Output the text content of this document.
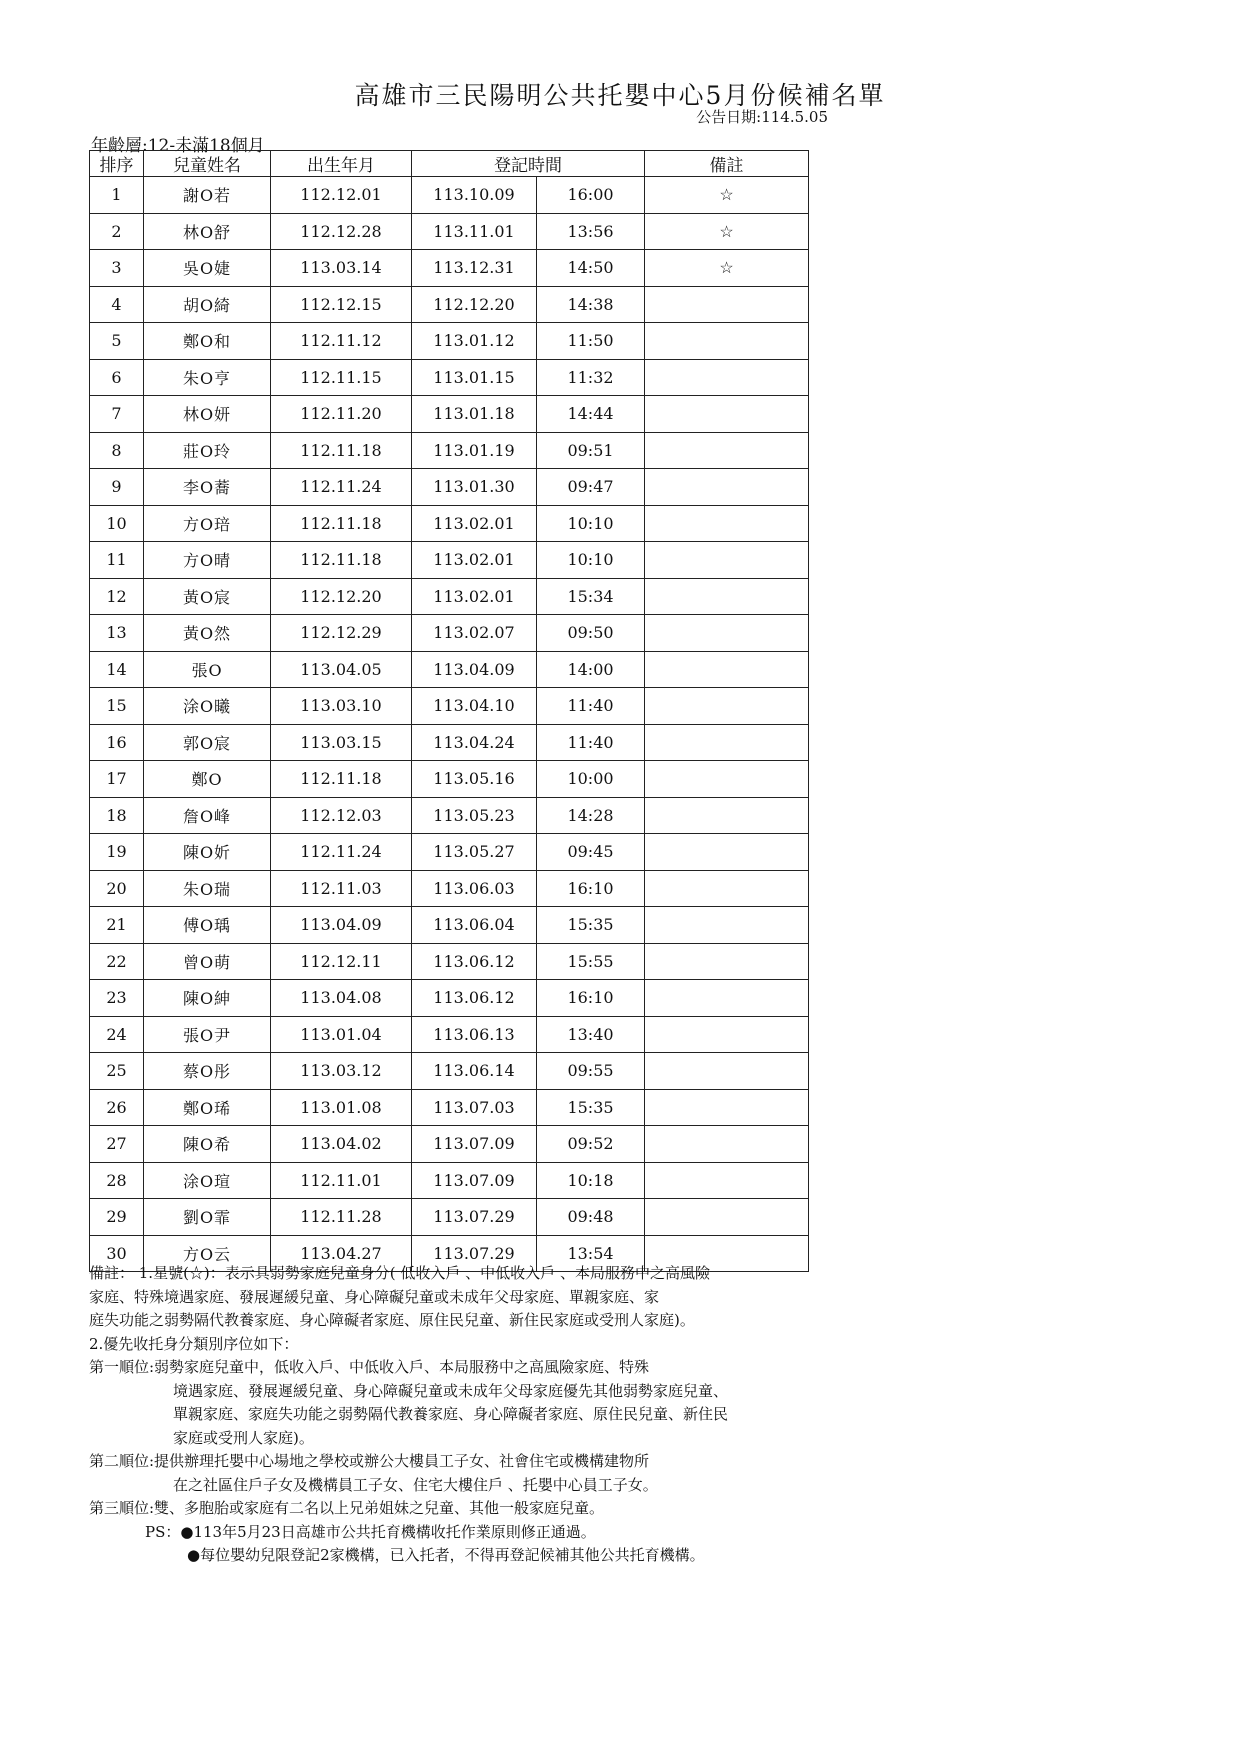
高雄市三民陽明公共托嬰中心5月份候補名單
公告日期:114.5.05
年齡層:12-未滿18個月
排序	兒童姓名	出生年月	登記時間		備註
1	謝O若	112.12.01	113.10.09	16:00	☆
2	林O舒	112.12.28	113.11.01	13:56	☆
3	吳O婕	113.03.14	113.12.31	14:50	☆
4	胡O綺	112.12.15	112.12.20	14:38	
5	鄭O和	112.11.12	113.01.12	11:50	
6	朱O亨	112.11.15	113.01.15	11:32	
7	林O妍	112.11.20	113.01.18	14:44	
8	莊O玲	112.11.18	113.01.19	09:51	
9	李O蕎	112.11.24	113.01.30	09:47	
10	方O琣	112.11.18	113.02.01	10:10	
11	方O晴	112.11.18	113.02.01	10:10	
12	黃O宸	112.12.20	113.02.01	15:34	
13	黃O然	112.12.29	113.02.07	09:50	
14	張O	113.04.05	113.04.09	14:00	
15	涂O曦	113.03.10	113.04.10	11:40	
16	郭O宸	113.03.15	113.04.24	11:40	
17	鄭O	112.11.18	113.05.16	10:00	
18	詹O峰	112.12.03	113.05.23	14:28	
19	陳O妡	112.11.24	113.05.27	09:45	
20	朱O瑞	112.11.03	113.06.03	16:10	
21	傅O瑀	113.04.09	113.06.04	15:35	
22	曾O萌	112.12.11	113.06.12	15:55	
23	陳O紳	113.04.08	113.06.12	16:10	
24	張O尹	113.01.04	113.06.13	13:40	
25	蔡O彤	113.03.12	113.06.14	09:55	
26	鄭O琋	113.01.08	113.07.03	15:35	
27	陳O希	113.04.02	113.07.09	09:52	
28	涂O瑄	112.11.01	113.07.09	10:18	
29	劉O霏	112.11.28	113.07.29	09:48	
30	方O云	113.04.27	113.07.29	13:54	

備註： 1.星號(☆)：表示具弱勢家庭兒童身分( 低收入戶 、中低收入戶 、本局服務中之高風險

家庭、特殊境遇家庭、發展遲緩兒童、身心障礙兒童或未成年父母家庭、單親家庭、家

庭失功能之弱勢隔代教養家庭、身心障礙者家庭、原住民兒童、新住民家庭或受刑人家庭)。

2.優先收托身分類別序位如下：

第一順位:弱勢家庭兒童中，低收入戶、中低收入戶、本局服務中之高風險家庭、特殊

境遇家庭、發展遲緩兒童、身心障礙兒童或未成年父母家庭優先其他弱勢家庭兒童、

單親家庭、家庭失功能之弱勢隔代教養家庭、身心障礙者家庭、原住民兒童、新住民

家庭或受刑人家庭)。

第二順位:提供辦理托嬰中心場地之學校或辦公大樓員工子女、社會住宅或機構建物所

在之社區住戶子女及機構員工子女、住宅大樓住戶 、托嬰中心員工子女。

第三順位:雙、多胞胎或家庭有二名以上兄弟姐妹之兒童、其他一般家庭兒童。

PS：●113年5月23日高雄市公共托育機構收托作業原則修正通過。

●每位嬰幼兒限登記2家機構，已入托者，不得再登記候補其他公共托育機構。
